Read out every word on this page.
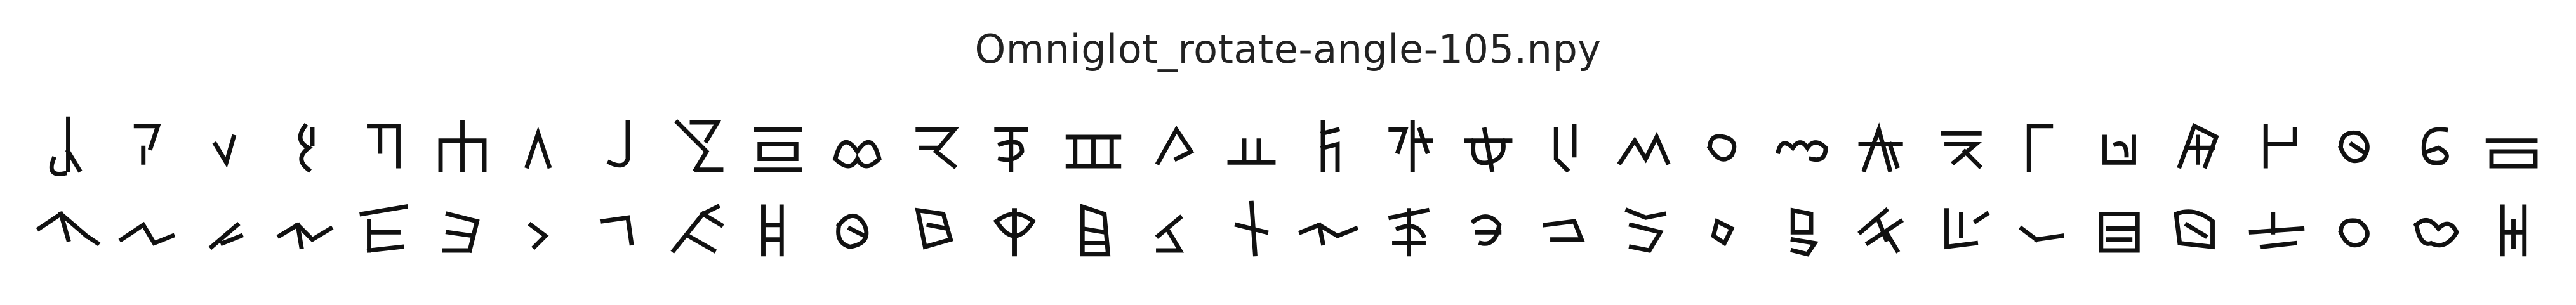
Omniglot_rotate-angle-105.npy
